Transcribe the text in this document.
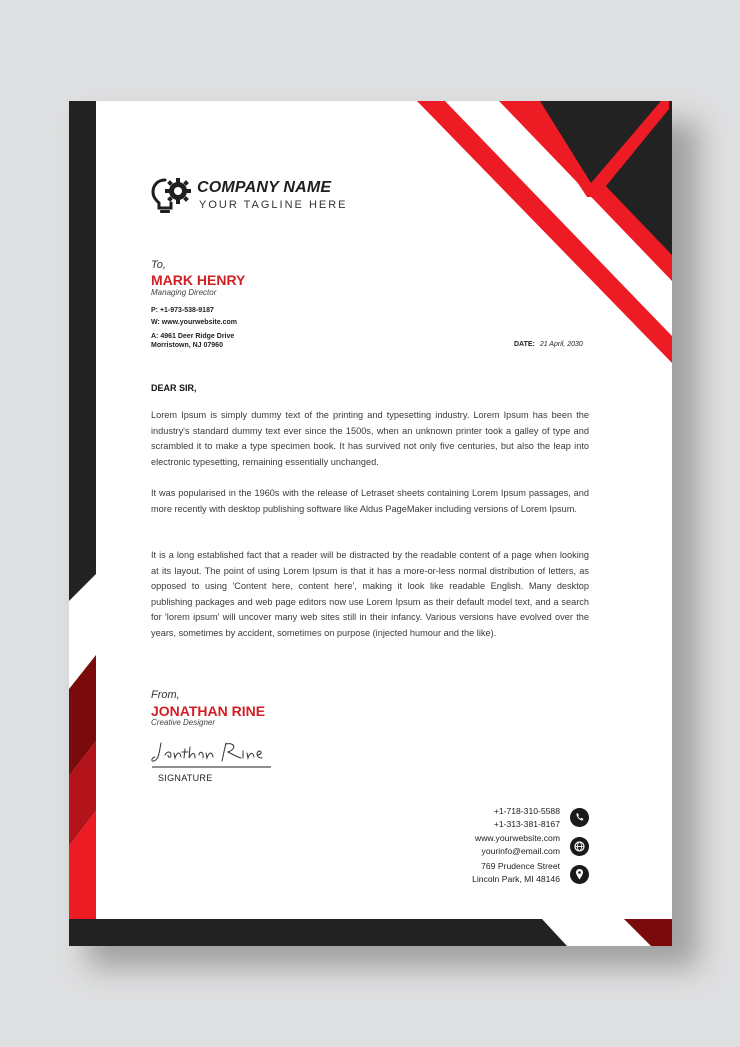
COMPANY NAME
YOUR TAGLINE HERE
To,
MARK HENRY
Managing Director
P: +1-973-538-9187
W: www.yourwebsite.com
A: 4961 Deer Ridge Drive
Morristown, NJ 07960	DATE: 21 April, 2030
DEAR SIR,

Lorem Ipsum is simply dummy text of the printing and typesetting industry. Lorem Ipsum has been the industry's standard dummy text ever since the 1500s, when an unknown printer took a galley of type and scrambled it to make a type specimen book. It has survived not only five centuries, but also the leap into electronic typesetting, remaining essentially unchanged.

It was popularised in the 1960s with the release of Letraset sheets containing Lorem Ipsum passages, and more recently with desktop publishing software like Aldus PageMaker including versions of Lorem Ipsum.

It is a long established fact that a reader will be distracted by the readable content of a page when looking at its layout. The point of using Lorem Ipsum is that it has a more-or-less normal distribution of letters, as opposed to using 'Content here, content here', making it look like readable English. Many desktop publishing packages and web page editors now use Lorem Ipsum as their default model text, and a search for 'lorem ipsum' will uncover many web sites still in their infancy. Various versions have evolved over the years, sometimes by accident, sometimes on purpose (injected humour and the like).

From,
JONATHAN RINE
Creative Designer
SIGNATURE
+1-718-310-5588
+1-313-381-8167
www.yourwebsite.com
yourinfo@email.com
769 Prudence Street
Lincoln Park, MI 48146
